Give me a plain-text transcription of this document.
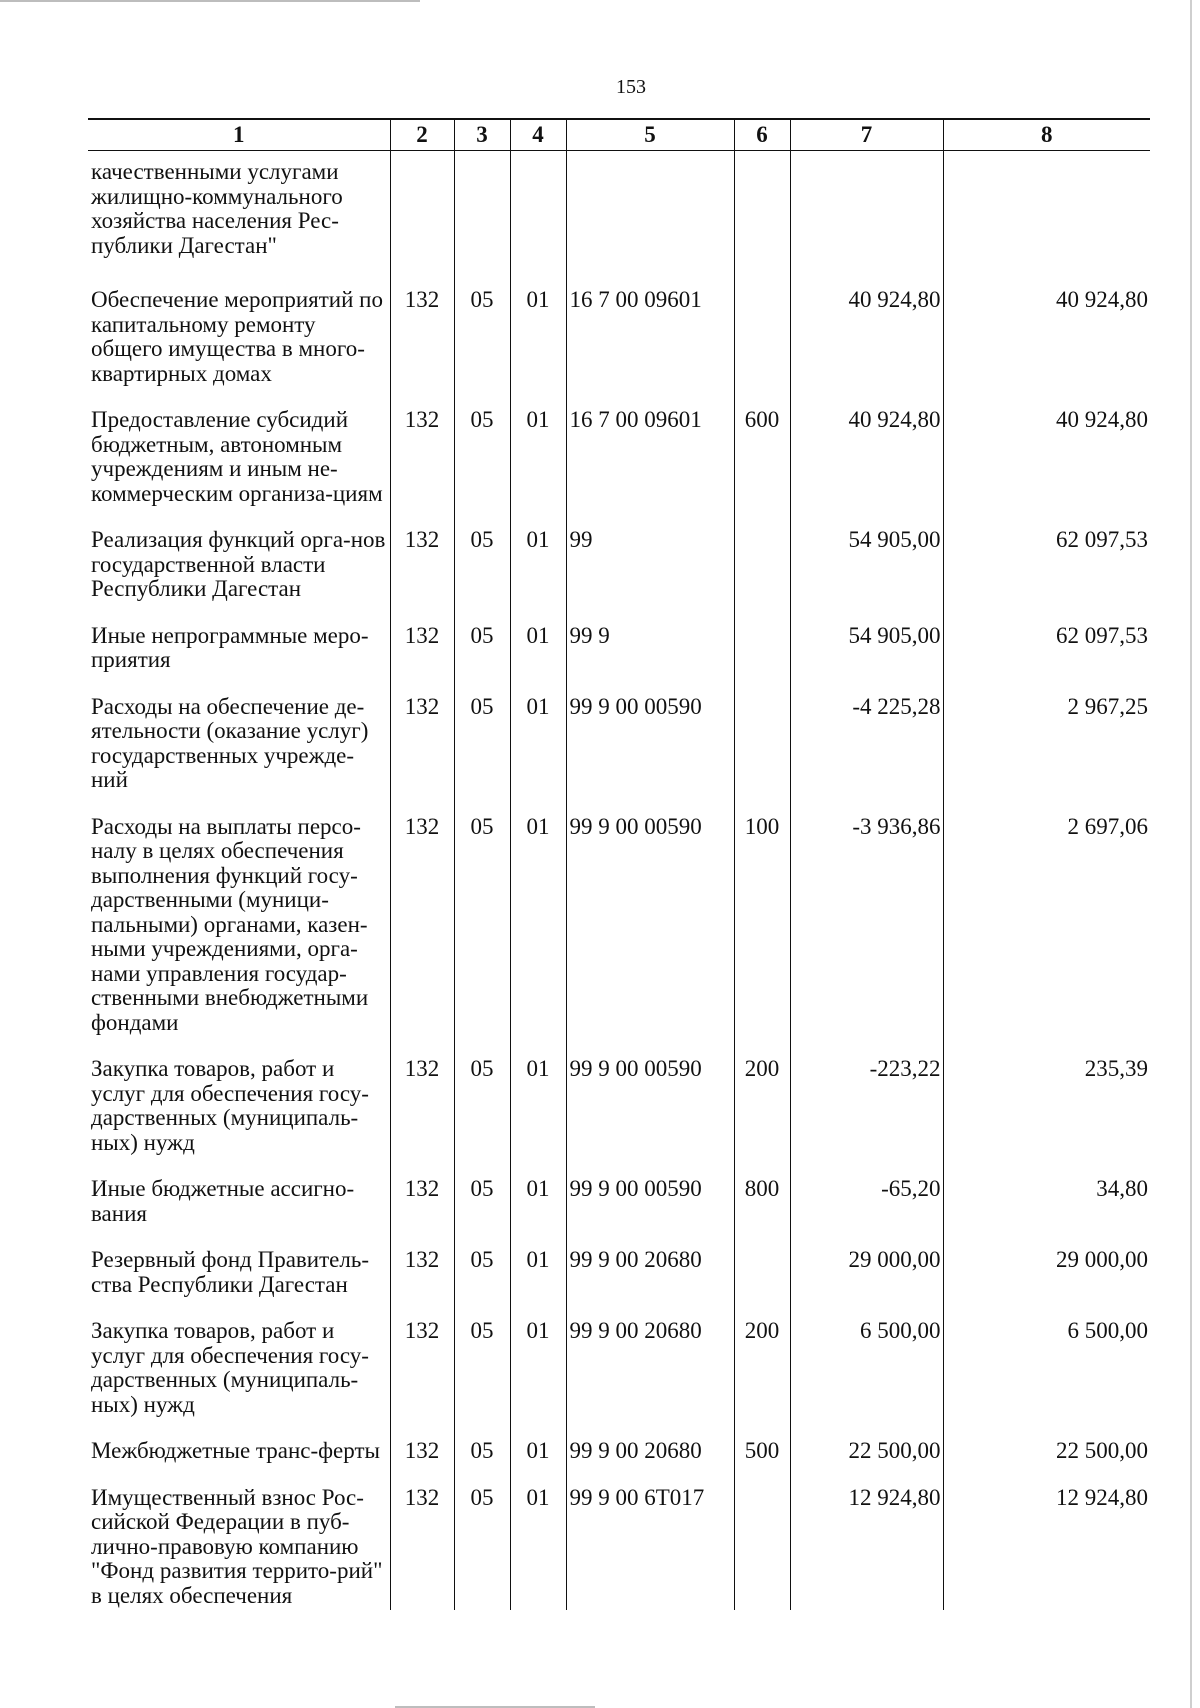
153
1	2	3	4	5	6	7	8
качественными услугами жилищно-коммунального хозяйства населения Рес-публики Дагестан"							
Обеспечение мероприятий по капитальному ремонту общего имущества в много-квартирных домах	132	05	01	16 7 00 09601		40 924,80	40 924,80
Предоставление субсидий бюджетным, автономным учреждениям и иным не-коммерческим организа-циям	132	05	01	16 7 00 09601	600	40 924,80	40 924,80
Реализация функций орга-нов государственной власти Республики Дагестан	132	05	01	99		54 905,00	62 097,53
Иные непрограммные меро-приятия	132	05	01	99 9		54 905,00	62 097,53
Расходы на обеспечение де-ятельности (оказание услуг) государственных учрежде-ний	132	05	01	99 9 00 00590		-4 225,28	2 967,25
Расходы на выплаты персо-налу в целях обеспечения выполнения функций госу-дарственными (муници-пальными) органами, казен-ными учреждениями, орга-нами управления государ-ственными внебюджетными фондами	132	05	01	99 9 00 00590	100	-3 936,86	2 697,06
Закупка товаров, работ и услуг для обеспечения госу-дарственных (муниципаль-ных) нужд	132	05	01	99 9 00 00590	200	-223,22	235,39
Иные бюджетные ассигно-вания	132	05	01	99 9 00 00590	800	-65,20	34,80
Резервный фонд Правитель-ства Республики Дагестан	132	05	01	99 9 00 20680		29 000,00	29 000,00
Закупка товаров, работ и услуг для обеспечения госу-дарственных (муниципаль-ных) нужд	132	05	01	99 9 00 20680	200	6 500,00	6 500,00
Межбюджетные транс-ферты	132	05	01	99 9 00 20680	500	22 500,00	22 500,00
Имущественный взнос Рос-сийской Федерации в пуб-лично-правовую компанию "Фонд развития террито-рий" в целях обеспечения	132	05	01	99 9 00 6Т017		12 924,80	12 924,80
